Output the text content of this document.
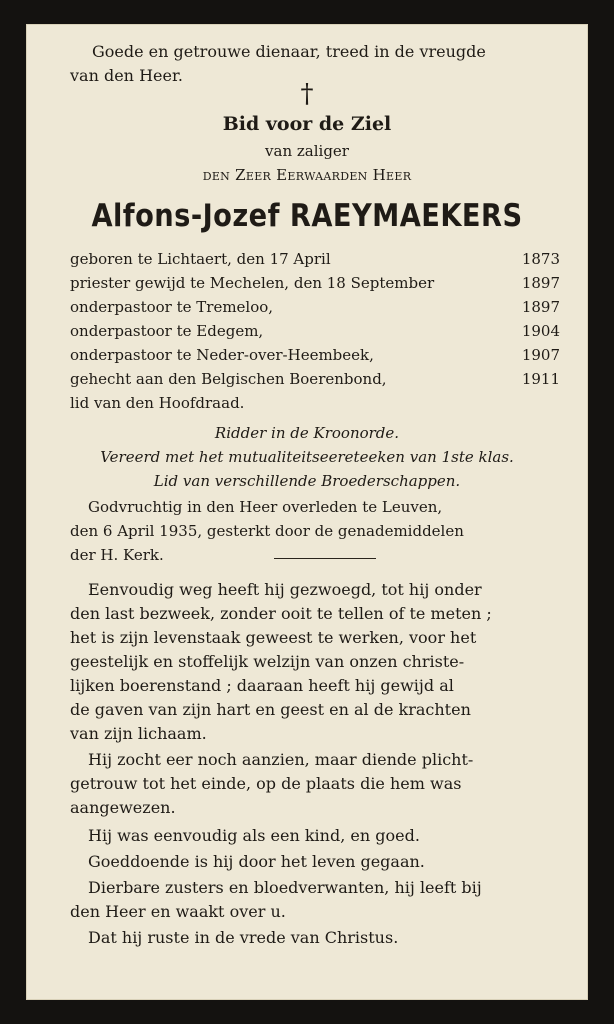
Goede en getrouwe dienaar, treed in de vreugde
van den Heer.
†
Bid voor de Ziel
van zaliger
den Zeer Eerwaarden Heer
Alfons-Jozef RAEYMAEKERS
geboren te Lichtaert, den 17 April	1873
priester gewijd te Mechelen, den 18 September	1897
onderpastoor te Tremeloo,	1897
onderpastoor te Edegem,	1904
onderpastoor te Neder-over-Heembeek,	1907
gehecht aan den Belgischen Boerenbond,	1911
lid van den Hoofdraad.
Ridder in de Kroonorde.
Vereerd met het mutualiteitseereteeken van 1ste klas.
Lid van verschillende Broederschappen.
Godvruchtig in den Heer overleden te Leuven,
den 6 April 1935, gesterkt door de genademiddelen
der H. Kerk.
Eenvoudig weg heeft hij gezwoegd, tot hij onder
den last bezweek, zonder ooit te tellen of te meten ;
het is zijn levenstaak geweest te werken, voor het
geestelijk en stoffelijk welzijn van onzen christe-
lijken boerenstand ; daaraan heeft hij gewijd al
de gaven van zijn hart en geest en al de krachten
van zijn lichaam.
Hij zocht eer noch aanzien, maar diende plicht-
getrouw tot het einde, op de plaats die hem was
aangewezen.
Hij was eenvoudig als een kind, en goed.
Goeddoende is hij door het leven gegaan.
Dierbare zusters en bloedverwanten, hij leeft bij
den Heer en waakt over u.
Dat hij ruste in de vrede van Christus.
